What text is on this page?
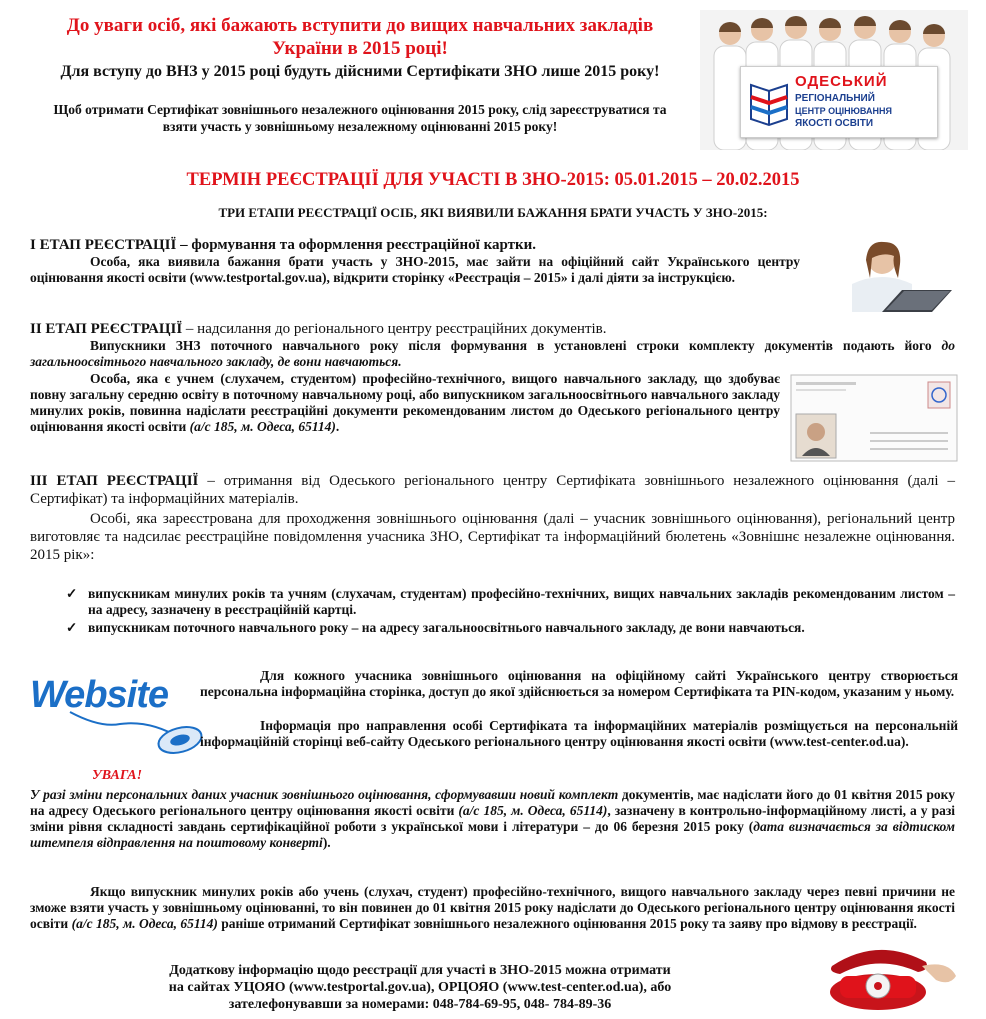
До уваги осіб, які бажають вступити до вищих навчальних закладів України в 2015 році!
Для вступу до ВНЗ у 2015 році будуть дійсними Сертифікати ЗНО лише 2015 року!
Щоб отримати Сертифікат зовнішнього незалежного оцінювання 2015 року, слід зареєструватися та взяти участь у зовнішньому незалежному оцінюванні 2015 року!
ОДЕСЬКИЙ
РЕГІОНАЛЬНИЙ
ЦЕНТР ОЦІНЮВАННЯ
ЯКОСТІ ОСВІТИ
ТЕРМІН РЕЄСТРАЦІЇ ДЛЯ УЧАСТІ В ЗНО-2015: 05.01.2015 – 20.02.2015
ТРИ ЕТАПИ РЕЄСТРАЦІЇ ОСІБ, ЯКІ ВИЯВИЛИ БАЖАННЯ БРАТИ УЧАСТЬ У ЗНО-2015:
І ЕТАП РЕЄСТРАЦІЇ – формування та оформлення реєстраційної картки.
Особа, яка виявила бажання брати участь у ЗНО-2015, має зайти на офіційний сайт Українського центру оцінювання якості освіти (www.testportal.gov.ua), відкрити сторінку «Реєстрація – 2015» і далі діяти за інструкцією.
ІІ ЕТАП РЕЄСТРАЦІЇ – надсилання до регіонального центру реєстраційних документів.
Випускники ЗНЗ поточного навчального року після формування в установлені строки комплекту документів подають його до загальноосвітнього навчального закладу, де вони навчаються.
Особа, яка є учнем (слухачем, студентом) професійно-технічного, вищого навчального закладу, що здобуває повну загальну середню освіту в поточному навчальному році, або випускником загальноосвітнього навчального закладу минулих років, повинна надіслати реєстраційні документи рекомендованим листом до Одеського регіонального центру оцінювання якості освіти (а/с 185, м. Одеса, 65114).
ІІІ ЕТАП РЕЄСТРАЦІЇ – отримання від Одеського регіонального центру Сертифіката зовнішнього незалежного оцінювання (далі – Сертифікат) та інформаційних матеріалів.
Особі, яка зареєстрована для проходження зовнішнього оцінювання (далі – учасник зовнішнього оцінювання), регіональний центр виготовляє та надсилає реєстраційне повідомлення учасника ЗНО, Сертифікат та інформаційний бюлетень «Зовнішнє незалежне оцінювання. 2015 рік»:
✓ випускникам минулих років та учням (слухачам, студентам) професійно-технічних, вищих навчальних закладів рекомендованим листом – на адресу, зазначену в реєстраційній картці.
✓ випускникам поточного навчального року – на адресу загальноосвітнього навчального закладу, де вони навчаються.
Website	Для кожного учасника зовнішнього оцінювання на офіційному сайті Українського центру створюється персональна інформаційна сторінка, доступ до якої здійснюється за номером Сертифіката та PIN-кодом, указаним у ньому.
Інформація про направлення особі Сертифіката та інформаційних матеріалів розміщується на персональній інформаційній сторінці веб-сайту Одеського регіонального центру оцінювання якості освіти (www.test-center.od.ua).
УВАГА!
У разі зміни персональних даних учасник зовнішнього оцінювання, сформувавши новий комплект документів, має надіслати його до 01 квітня 2015 року на адресу Одеського регіонального центру оцінювання якості освіти (а/с 185, м. Одеса, 65114), зазначену в контрольно-інформаційному листі, а у разі зміни рівня складності завдань сертифікаційної роботи з української мови і літератури – до 06 березня 2015 року (дата визначається за відтиском штемпеля відправлення на поштовому конверті).
Якщо випускник минулих років або учень (слухач, студент) професійно-технічного, вищого навчального закладу через певні причини не зможе взяти участь у зовнішньому оцінюванні, то він повинен до 01 квітня 2015 року надіслати до Одеського регіонального центру оцінювання якості освіти (а/с 185, м. Одеса, 65114) раніше отриманий Сертифікат зовнішнього незалежного оцінювання 2015 року та заяву про відмову в реєстрації.
Додаткову інформацію щодо реєстрації для участі в ЗНО-2015 можна отримати
на сайтах УЦОЯО (www.testportal.gov.ua), ОРЦОЯО (www.test-center.od.ua), або
зателефонувавши за номерами: 048-784-69-95, 048- 784-89-36
